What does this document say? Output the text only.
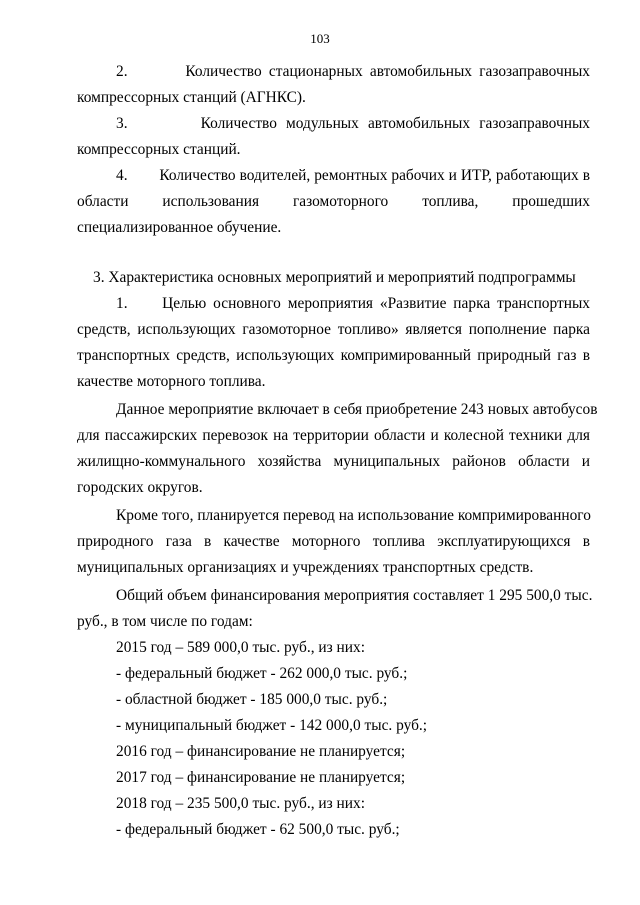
103
2.        Количество стационарных автомобильных газозаправочных
компрессорных станций (АГНКС).
3.        Количество модульных автомобильных газозаправочных
компрессорных станций.
4.        Количество водителей, ремонтных рабочих и ИТР, работающих в
области использования газомоторного топлива, прошедших
специализированное обучение.
3. Характеристика основных мероприятий и мероприятий подпрограммы
1.     Целью основного мероприятия «Развитие парка транспортных
средств, использующих газомоторное топливо» является пополнение парка
транспортных средств, использующих компримированный природный газ в
качестве моторного топлива.
Данное мероприятие включает в себя приобретение 243 новых автобусов
для пассажирских перевозок на территории области и колесной техники для
жилищно-коммунального хозяйства муниципальных районов области и
городских округов.
Кроме того, планируется перевод на использование компримированного
природного газа в качестве моторного топлива эксплуатирующихся в
муниципальных организациях и учреждениях транспортных средств.
Общий объем финансирования мероприятия составляет 1 295 500,0 тыс.
руб., в том числе по годам:
2015 год – 589 000,0 тыс. руб., из них:
- федеральный бюджет - 262 000,0 тыс. руб.;
- областной бюджет - 185 000,0 тыс. руб.;
- муниципальный бюджет - 142 000,0 тыс. руб.;
2016 год – финансирование не планируется;
2017 год – финансирование не планируется;
2018 год – 235 500,0 тыс. руб., из них:
- федеральный бюджет - 62 500,0 тыс. руб.;
